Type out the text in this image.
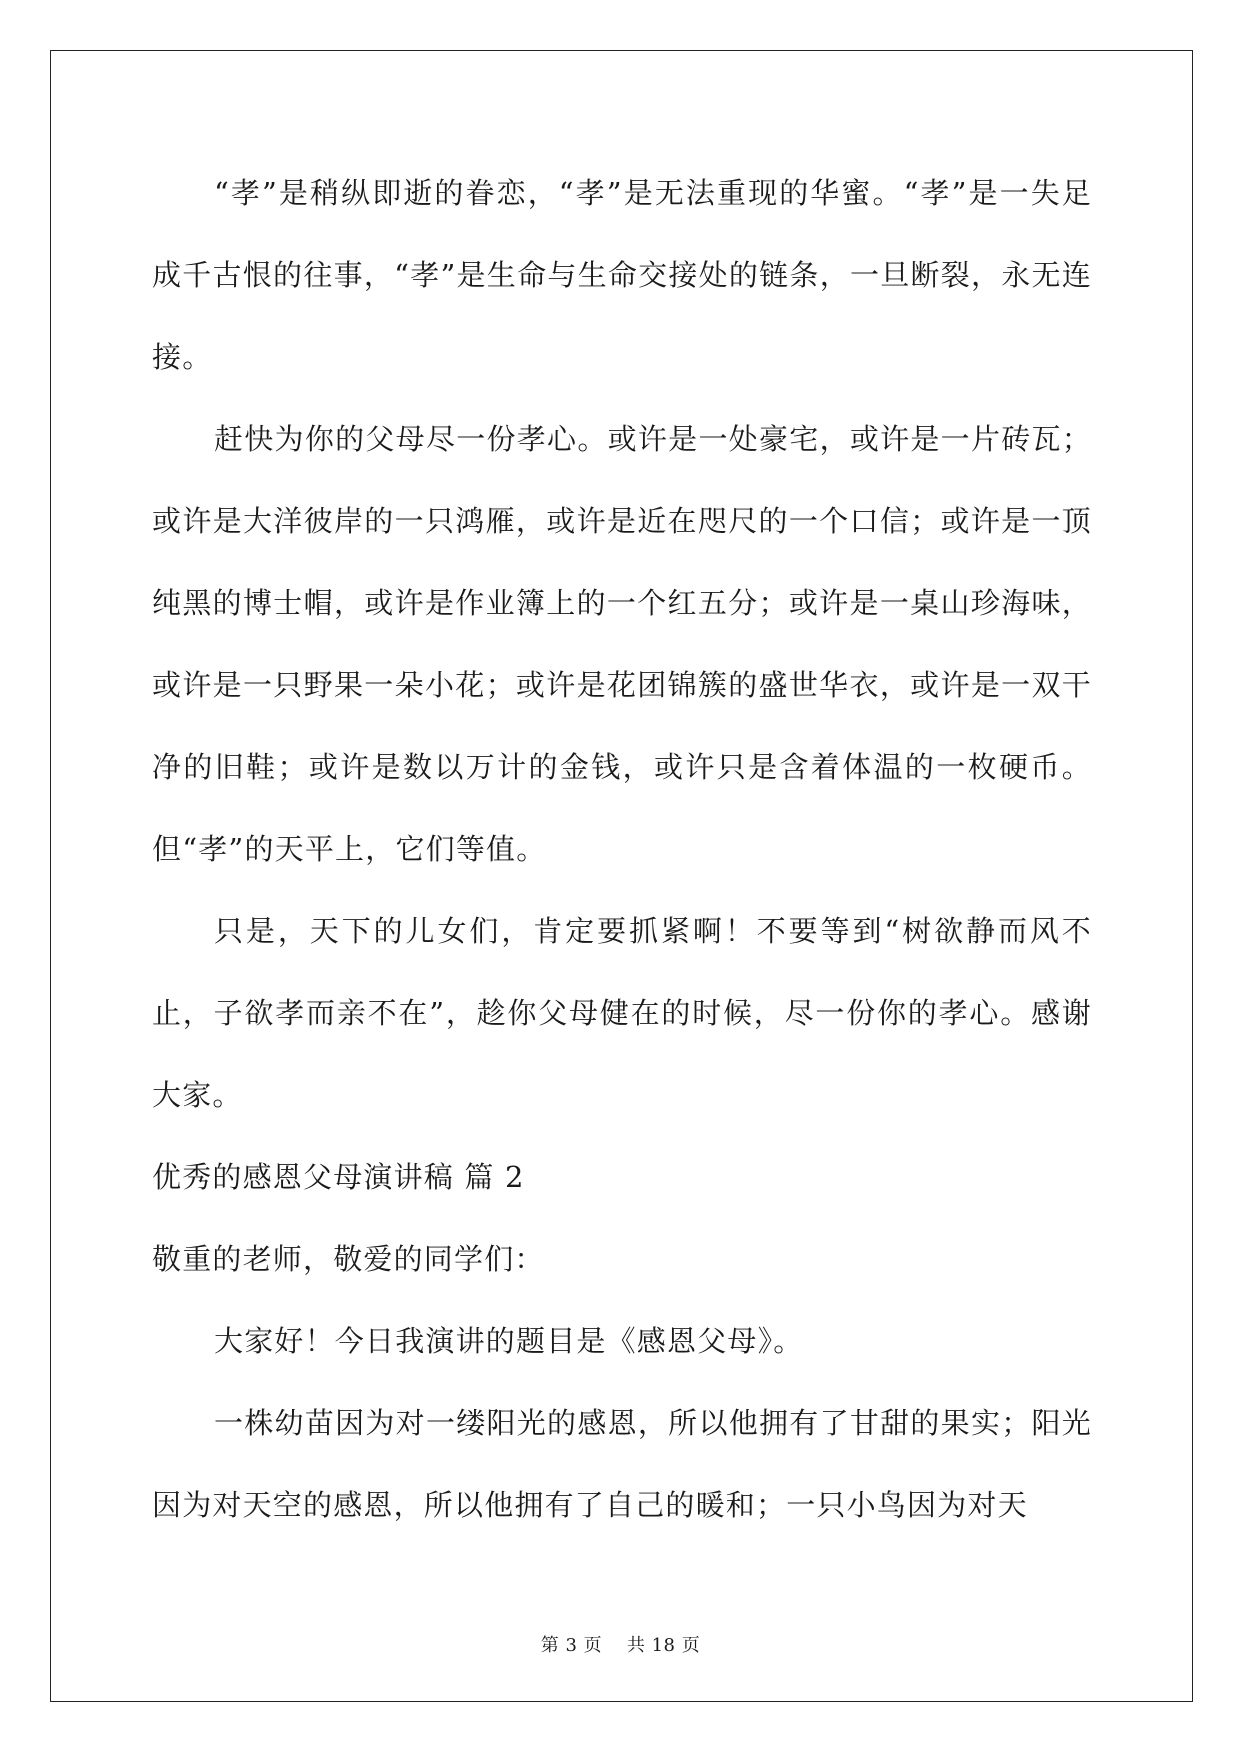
“孝”是稍纵即逝的眷恋，“孝”是无法重现的华蜜。“孝”是一失足成千古恨的往事，“孝”是生命与生命交接处的链条，一旦断裂，永无连接。

赶快为你的父母尽一份孝心。或许是一处豪宅，或许是一片砖瓦；或许是大洋彼岸的一只鸿雁，或许是近在咫尺的一个口信；或许是一顶纯黑的博士帽，或许是作业簿上的一个红五分；或许是一桌山珍海味，或许是一只野果一朵小花；或许是花团锦簇的盛世华衣，或许是一双干净的旧鞋；或许是数以万计的金钱，或许只是含着体温的一枚硬币。但“孝”的天平上，它们等值。

只是，天下的儿女们，肯定要抓紧啊！不要等到“树欲静而风不止，子欲孝而亲不在”，趁你父母健在的时候，尽一份你的孝心。感谢大家。

优秀的感恩父母演讲稿 篇 2

敬重的老师，敬爱的同学们：

大家好！今日我演讲的题目是《感恩父母》。

一株幼苗因为对一缕阳光的感恩，所以他拥有了甘甜的果实；阳光因为对天空的感恩，所以他拥有了自己的暖和；一只小鸟因为对天

第 3 页　 共 18 页
